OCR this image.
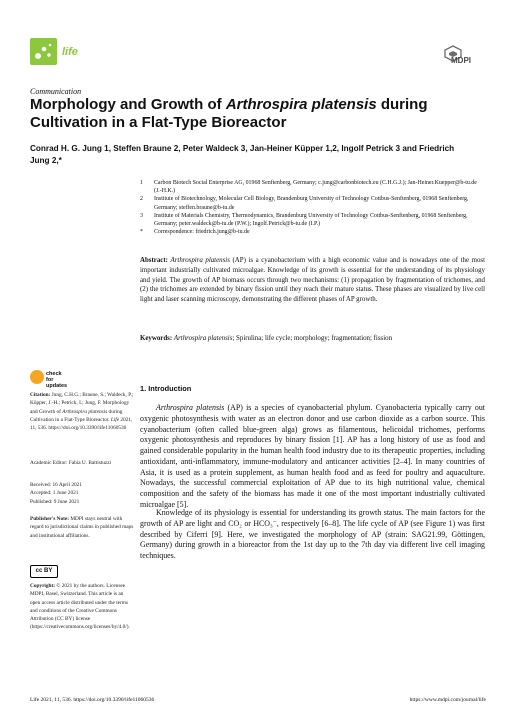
life
MDPI
Communication
Morphology and Growth of Arthrospira platensis during Cultivation in a Flat-Type Bioreactor
Conrad H. G. Jung 1, Steffen Braune 2, Peter Waldeck 3, Jan-Heiner Küpper 1,2, Ingolf Petrick 3 and Friedrich Jung 2,*
1 Carbon Biotech Social Enterprise AG, 01968 Senftenberg, Germany; c.jung@carbonbiotech.eu (C.H.G.J.); Jan-Heiner.Kuepper@b-tu.de (J.-H.K.)
2 Institute of Biotechnology, Molecular Cell Biology, Brandenburg University of Technology Cottbus-Senftenberg, 01968 Senftenberg, Germany; steffen.braune@b-tu.de
3 Institute of Materials Chemistry, Thermodynamics, Brandenburg University of Technology Cottbus-Senftenberg, 01968 Senftenberg, Germany; peter.waldeck@b-tu.de (P.W.); Ingolf.Petrick@b-tu.de (I.P.)
* Correspondence: friedrich.jung@b-tu.de
Abstract: Arthrospira platensis (AP) is a cyanobacterium with a high economic value and is nowadays one of the most important industrially cultivated microalgae. Knowledge of its growth is essential for the understanding of its physiology and yield. The growth of AP biomass occurs through two mechanisms: (1) propagation by fragmentation of trichomes, and (2) the trichomes are extended by binary fission until they reach their mature status. These phases are visualized by live cell light and laser scanning microscopy, demonstrating the different phases of AP growth.
Keywords: Arthrospira platensis; Spirulina; life cycle; morphology; fragmentation; fission
check for
updates
Citation: Jung, C.H.G.; Braune, S.; Waldeck, P.; Küpper, J.-H.; Petrick, I.; Jung, F. Morphology and Growth of Arthrospira platensis during Cultivation in a Flat-Type Bioreactor. Life 2021, 11, 536. https://doi.org/10.3390/life11060536
Academic Editor: Fabia U. Battistuzzi
Received: 16 April 2021
Accepted: 1 June 2021
Published: 9 June 2021
Publisher's Note: MDPI stays neutral with regard to jurisdictional claims in published maps and institutional affiliations.
cc BY
Copyright: © 2021 by the authors. Licensee MDPI, Basel, Switzerland. This article is an open access article distributed under the terms and conditions of the Creative Commons Attribution (CC BY) license (https://creativecommons.org/licenses/by/4.0/).
1. Introduction
Arthrospira platensis (AP) is a species of cyanobacterial phylum. Cyanobacteria typically carry out oxygenic photosynthesis with water as an electron donor and use carbon dioxide as a carbon source. This cyanobacterium (often called blue-green alga) grows as filamentous, helicoidal trichomes, performs oxygenic photosynthesis and reproduces by binary fission [1]. AP has a long history of use as food and gained considerable popularity in the human health food industry due to its therapeutic properties, including antioxidant, anti-inflammatory, immune-modulatory and anticancer activities [2–4]. In many countries of Asia, it is used as a protein supplement, as human health food and as feed for poultry and aquaculture. Nowadays, the successful commercial exploitation of AP due to its high nutritional value, chemical composition and the safety of the biomass has made it one of the most important industrially cultivated microalgae [5].
Knowledge of its physiology is essential for understanding its growth status. The main factors for the growth of AP are light and CO₂ or HCO₃⁻, respectively [6–8]. The life cycle of AP (see Figure 1) was first described by Ciferri [9]. Here, we investigated the morphology of AP (strain: SAG21.99, Göttingen, Germany) during growth in a bioreactor from the 1st day up to the 7th day via different live cell imaging techniques.
Life 2021, 11, 536. https://doi.org/10.3390/life11060536	https://www.mdpi.com/journal/life
